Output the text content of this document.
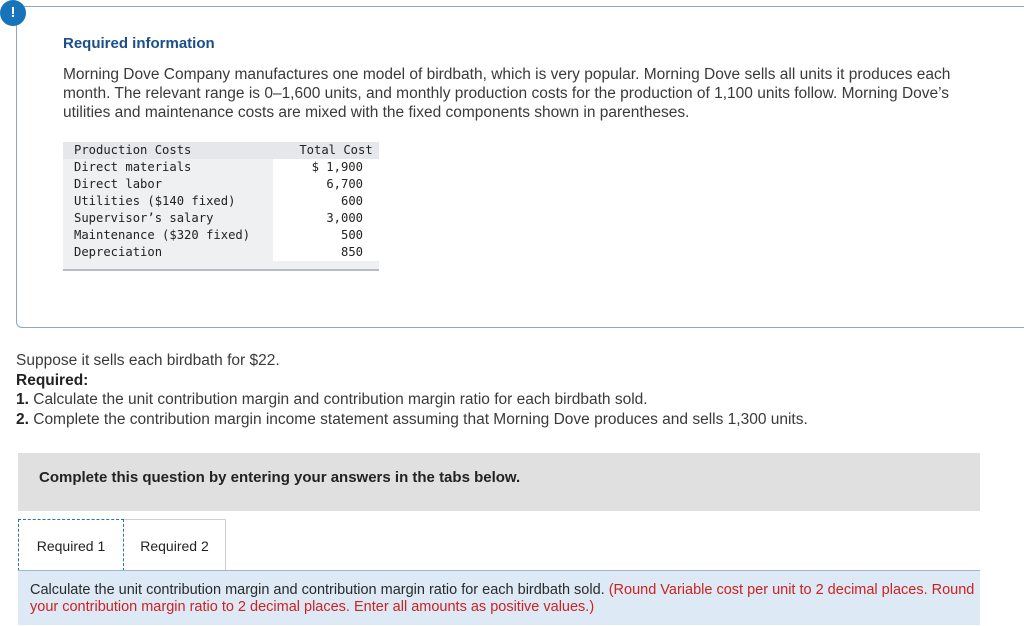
!
Required information
Morning Dove Company manufactures one model of birdbath, which is very popular. Morning Dove sells all units it produces each month. The relevant range is 0–1,600 units, and monthly production costs for the production of 1,100 units follow. Morning Dove’s utilities and maintenance costs are mixed with the fixed components shown in parentheses.
Production Costs	Total Cost
Direct materials	$ 1,900
Direct labor	6,700
Utilities ($140 fixed)	600
Supervisor’s salary	3,000
Maintenance ($320 fixed)	500
Depreciation	850
Suppose it sells each birdbath for $22.
Required:
1. Calculate the unit contribution margin and contribution margin ratio for each birdbath sold.
2. Complete the contribution margin income statement assuming that Morning Dove produces and sells 1,300 units.
Complete this question by entering your answers in the tabs below.
Required 1	Required 2
Calculate the unit contribution margin and contribution margin ratio for each birdbath sold. (Round Variable cost per unit to 2 decimal places. Round your contribution margin ratio to 2 decimal places. Enter all amounts as positive values.)
